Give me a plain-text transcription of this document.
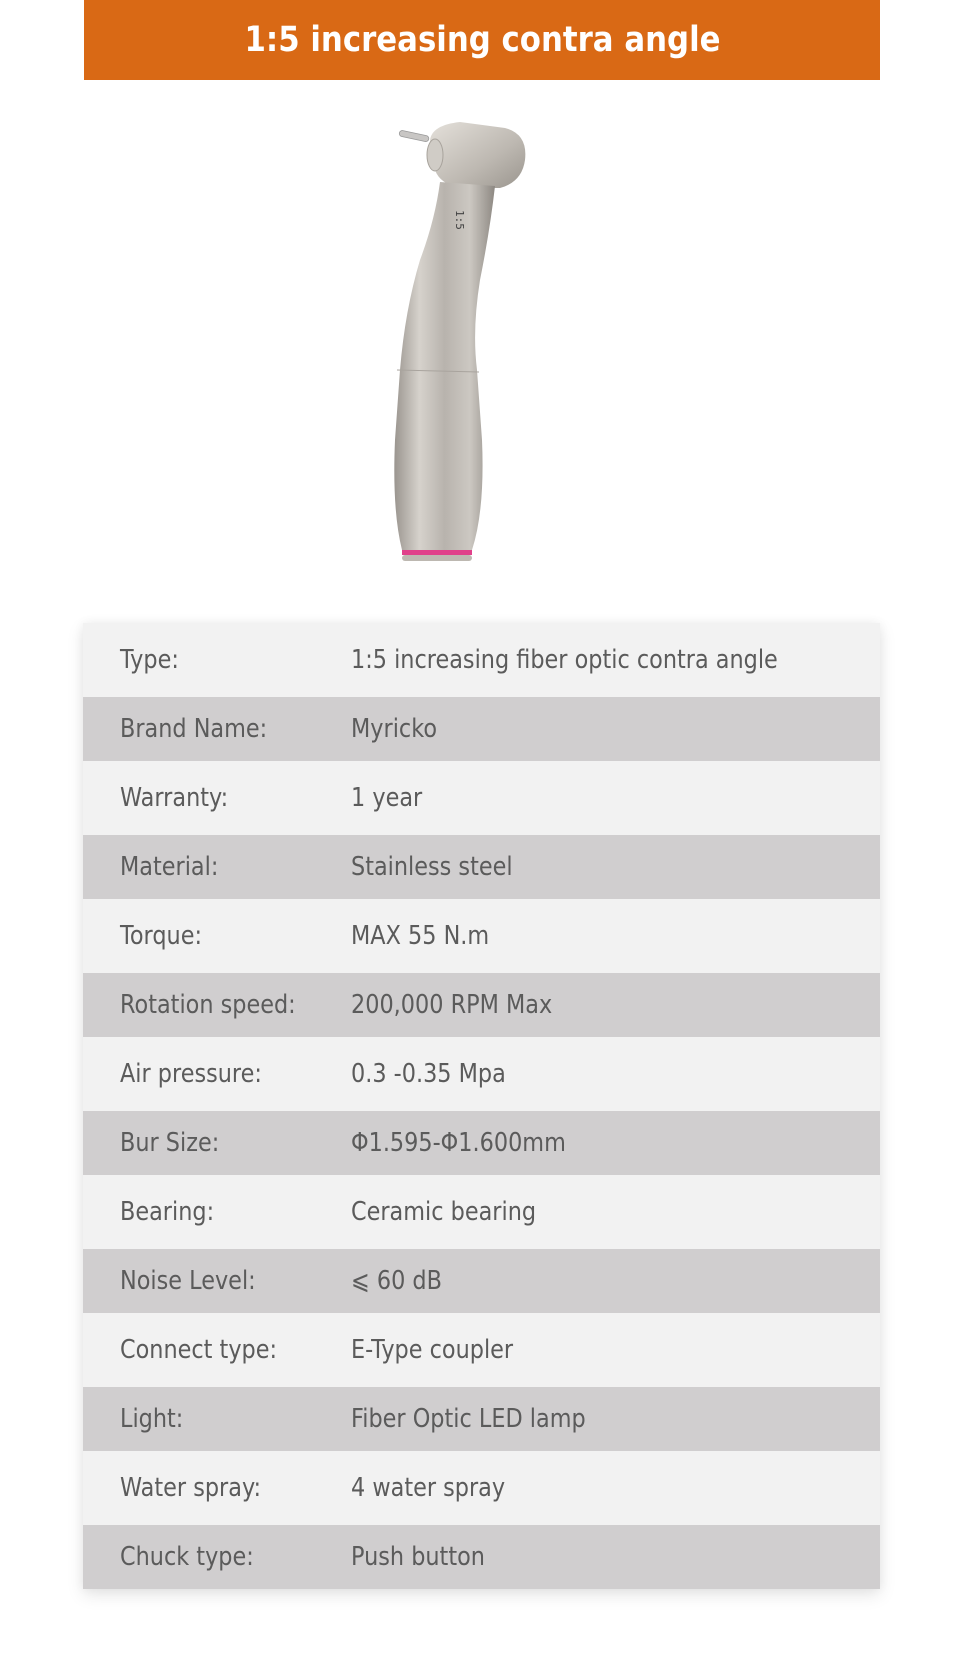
1:5 increasing contra angle
1:5
Type:	1:5 increasing fiber optic contra angle
Brand Name:	Myricko
Warranty:	1 year
Material:	Stainless steel
Torque:	MAX 55 N.m
Rotation speed: 200,000 RPM Max
Air pressure:	0.3 -0.35 Mpa
Bur Size:	Φ1.595-Φ1.600mm
Bearing:	Ceramic bearing
Noise Level:	⩽ 60 dB
Connect type:	E-Type coupler
Light:	Fiber Optic LED lamp
Water spray:	4 water spray
Chuck type:	Push button
